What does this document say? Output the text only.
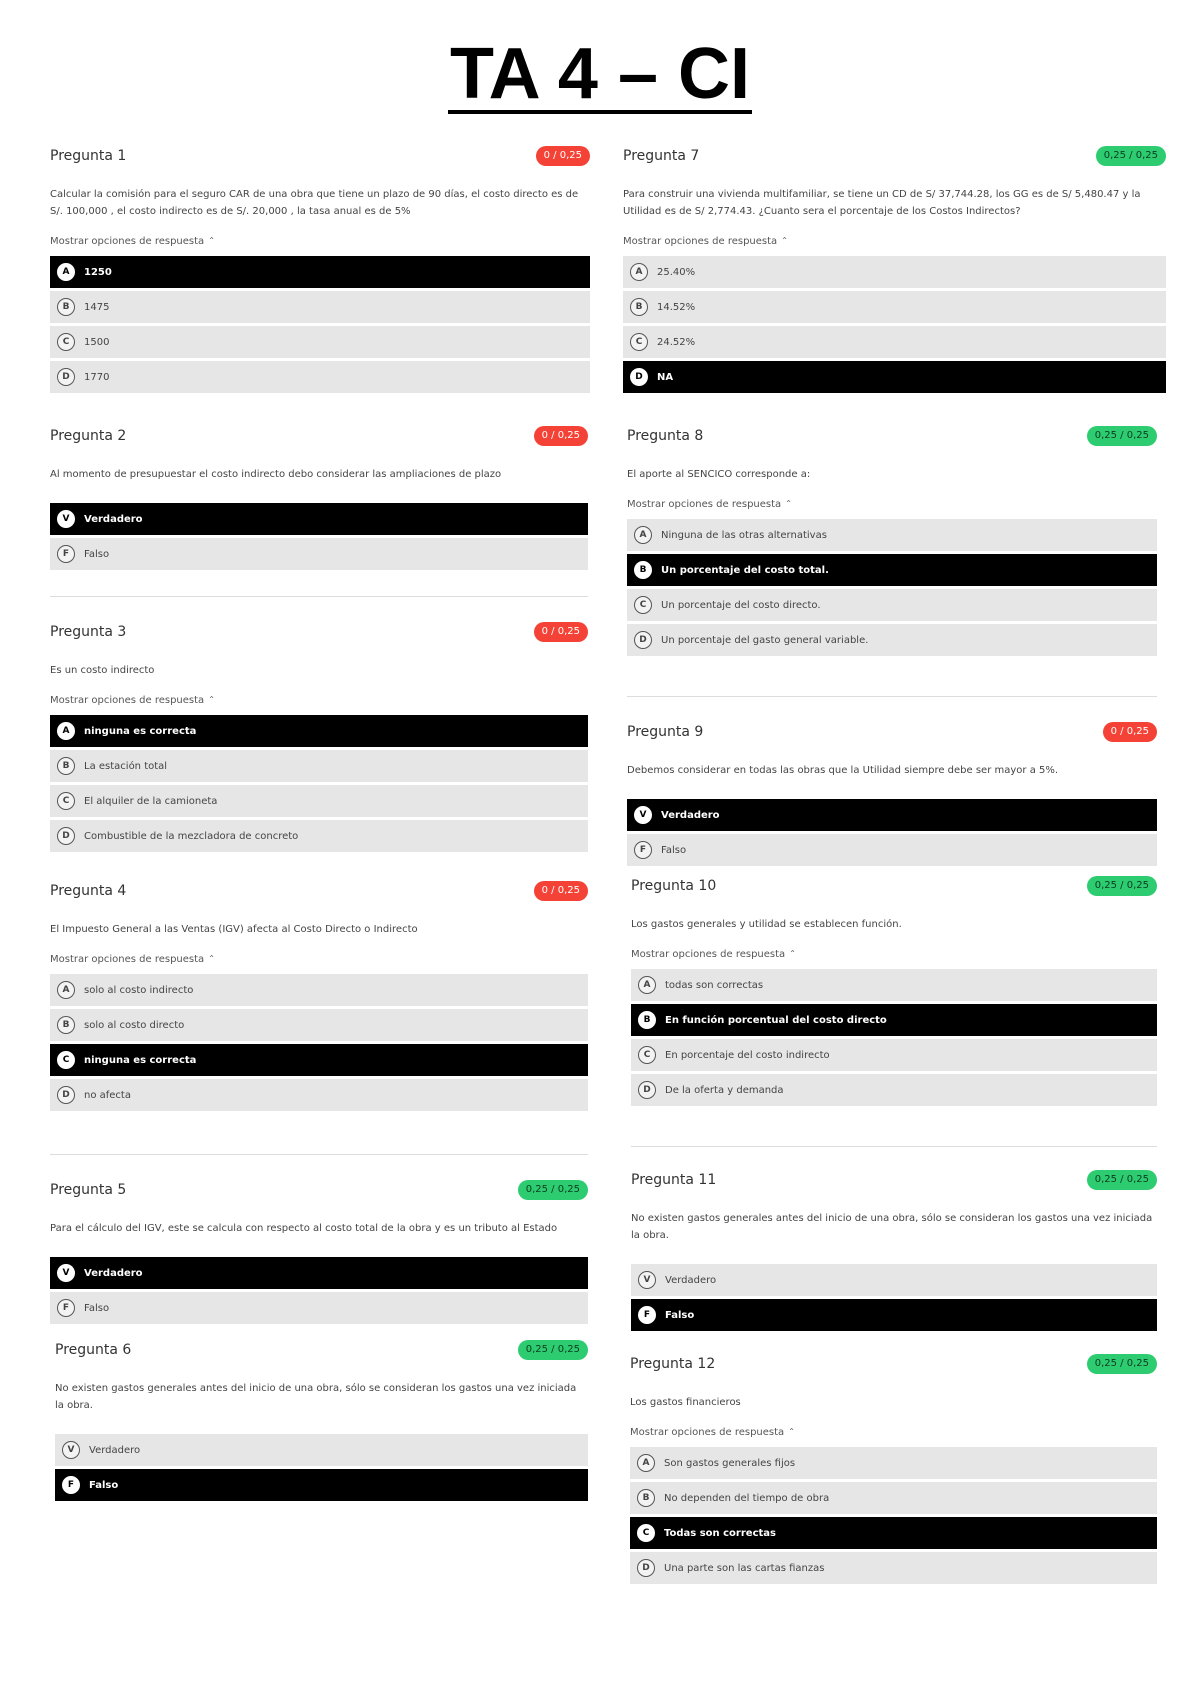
TA 4 – CI
Pregunta 1	0 / 0,25
Calcular la comisión para el seguro CAR de una obra que tiene un plazo de 90 días, el costo directo es de S/. 100,000 , el costo indirecto es de S/. 20,000 , la tasa anual es de 5%
Mostrar opciones de respuesta ⌃
A	1250
B	1475
C	1500
D	1770
Pregunta 2	0 / 0,25
Al momento de presupuestar el costo indirecto debo considerar las ampliaciones de plazo
V	Verdadero
F	Falso
Pregunta 3	0 / 0,25
Es un costo indirecto
Mostrar opciones de respuesta ⌃
A	ninguna es correcta
B	La estación total
C	El alquiler de la camioneta
D	Combustible de la mezcladora de concreto
Pregunta 4	0 / 0,25
El Impuesto General a las Ventas (IGV) afecta al Costo Directo o Indirecto
Mostrar opciones de respuesta ⌃
A	solo al costo indirecto
B	solo al costo directo
C	ninguna es correcta
D	no afecta
Pregunta 5	0,25 / 0,25
Para el cálculo del IGV, este se calcula con respecto al costo total de la obra y es un tributo al Estado
V	Verdadero
F	Falso
Pregunta 6	0,25 / 0,25
No existen gastos generales antes del inicio de una obra, sólo se consideran los gastos una vez iniciada la obra.
V	Verdadero
F	Falso
Pregunta 7	0,25 / 0,25
Para construir una vivienda multifamiliar, se tiene un CD de S/ 37,744.28, los GG es de S/ 5,480.47 y la Utilidad es de S/ 2,774.43. ¿Cuanto sera el porcentaje de los Costos Indirectos?
Mostrar opciones de respuesta ⌃
A	25.40%
B	14.52%
C	24.52%
D	NA
Pregunta 8	0,25 / 0,25
El aporte al SENCICO corresponde a:
Mostrar opciones de respuesta ⌃
A	Ninguna de las otras alternativas
B	Un porcentaje del costo total.
C	Un porcentaje del costo directo.
D	Un porcentaje del gasto general variable.
Pregunta 9	0 / 0,25
Debemos considerar en todas las obras que la Utilidad siempre debe ser mayor a 5%.
V	Verdadero
F	Falso
Pregunta 10	0,25 / 0,25
Los gastos generales y utilidad se establecen función.
Mostrar opciones de respuesta ⌃
A	todas son correctas
B	En función porcentual del costo directo
C	En porcentaje del costo indirecto
D	De la oferta y demanda
Pregunta 11	0,25 / 0,25
No existen gastos generales antes del inicio de una obra, sólo se consideran los gastos una vez iniciada la obra.
V	Verdadero
F	Falso
Pregunta 12	0,25 / 0,25
Los gastos financieros
Mostrar opciones de respuesta ⌃
A	Son gastos generales fijos
B	No dependen del tiempo de obra
C	Todas son correctas
D	Una parte son las cartas fianzas
